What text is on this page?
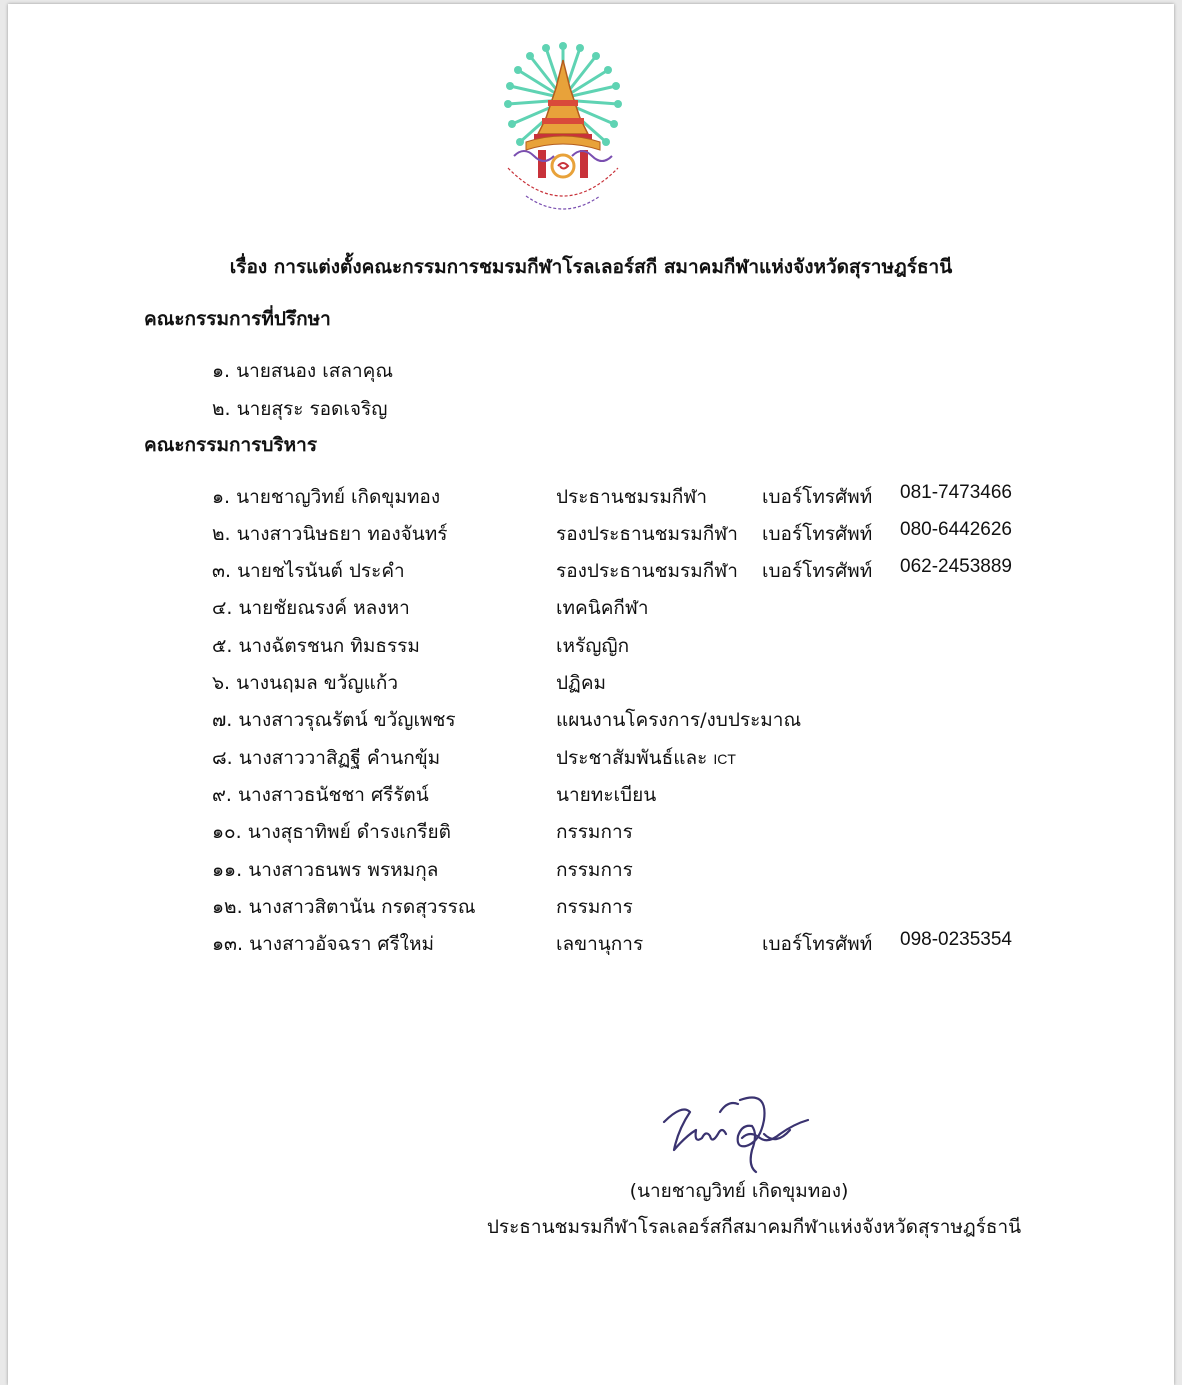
เรื่อง การแต่งตั้งคณะกรรมการชมรมกีฬาโรลเลอร์สกี สมาคมกีฬาแห่งจังหวัดสุราษฎร์ธานี
คณะกรรมการที่ปรึกษา
๑. นายสนอง เสลาคุณ
๒. นายสุระ รอดเจริญ
คณะกรรมการบริหาร
๑. นายชาญวิทย์ เกิดขุมทอง	ประธานชมรมกีฬา	เบอร์โทรศัพท์ 081-7473466
๒. นางสาวนิษธยา ทองจันทร์	รองประธานชมรมกีฬา เบอร์โทรศัพท์ 080-6442626
๓. นายชไรนันต์ ประคำ	รองประธานชมรมกีฬา เบอร์โทรศัพท์ 062-2453889
๔. นายชัยณรงค์ หลงหา	เทคนิคกีฬา
๕. นางฉัตรชนก ทิมธรรม	เหรัญญิก
๖. นางนฤมล ขวัญแก้ว	ปฏิคม
๗. นางสาวรุณรัตน์ ขวัญเพชร	แผนงานโครงการ/งบประมาณ
๘. นางสาววาสิฏฐี คำนกขุ้ม	ประชาสัมพันธ์และ ICT
๙. นางสาวธนัชชา ศรีรัตน์	นายทะเบียน
๑๐. นางสุธาทิพย์ ดำรงเกรียติ	กรรมการ
๑๑. นางสาวธนพร พรหมกุล	กรรมการ
๑๒. นางสาวสิตานัน กรดสุวรรณ	กรรมการ
๑๓. นางสาวอัจฉรา ศรีใหม่	เลขานุการ	เบอร์โทรศัพท์ 098-0235354
(นายชาญวิทย์ เกิดขุมทอง)
ประธานชมรมกีฬาโรลเลอร์สกีสมาคมกีฬาแห่งจังหวัดสุราษฎร์ธานี
